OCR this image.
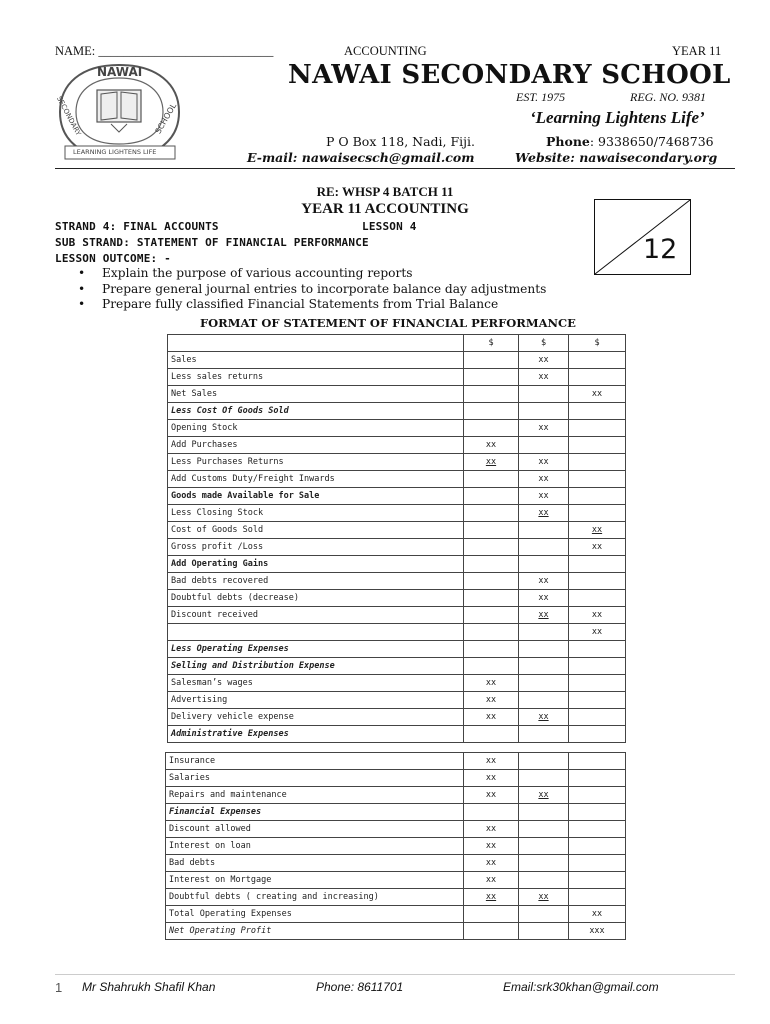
NAME: ____________________________	ACCOUNTING	YEAR 11
NAWAI
SECONDARY	SCHOOL
LEARNING LIGHTENS LIFE
NAWAI SECONDARY SCHOOL
EST. 1975	REG. NO. 9381
‘Learning Lightens Life’
P O Box 118, Nadi, Fiji.	Phone: 9338650/7468736
E-mail: nawaisecsch@gmail.com	Website: nawaisecondary.org
RE: WHSP 4 BATCH 11
YEAR 11 ACCOUNTING
STRAND 4: FINAL ACCOUNTS	LESSON 4
SUB STRAND: STATEMENT OF FINANCIAL PERFORMANCE
LESSON OUTCOME: -	12
• Explain the purpose of various accounting reports
• Prepare general journal entries to incorporate balance day adjustments
• Prepare fully classified Financial Statements from Trial Balance
FORMAT OF STATEMENT OF FINANCIAL PERFORMANCE
	$	$	$
Sales		xx	
Less sales returns		xx	
Net Sales			xx
Less Cost Of Goods Sold			
Opening Stock		xx	
Add Purchases	xx		
Less Purchases Returns	xx	xx	
Add Customs Duty/Freight Inwards		xx	
Goods made Available for Sale		xx	
Less Closing Stock		xx	
Cost of Goods Sold			xx
Gross profit /Loss			xx
Add Operating Gains			
Bad debts recovered		xx	
Doubtful debts (decrease)		xx	
Discount received		xx	xx
			xx
Less Operating Expenses			
Selling and Distribution Expense			
Salesman’s wages	xx		
Advertising	xx		
Delivery vehicle expense	xx	xx	
Administrative Expenses			
Insurance	xx		
Salaries	xx		
Repairs and maintenance	xx	xx	
Financial Expenses			
Discount allowed	xx		
Interest on loan	xx		
Bad debts	xx		
Interest on Mortgage	xx		
Doubtful debts ( creating and increasing)	xx	xx	
Total Operating Expenses			xx
Net Operating Profit			xxx
1 Mr Shahrukh Shafil Khan	Phone: 8611701	Email:srk30khan@gmail.com
